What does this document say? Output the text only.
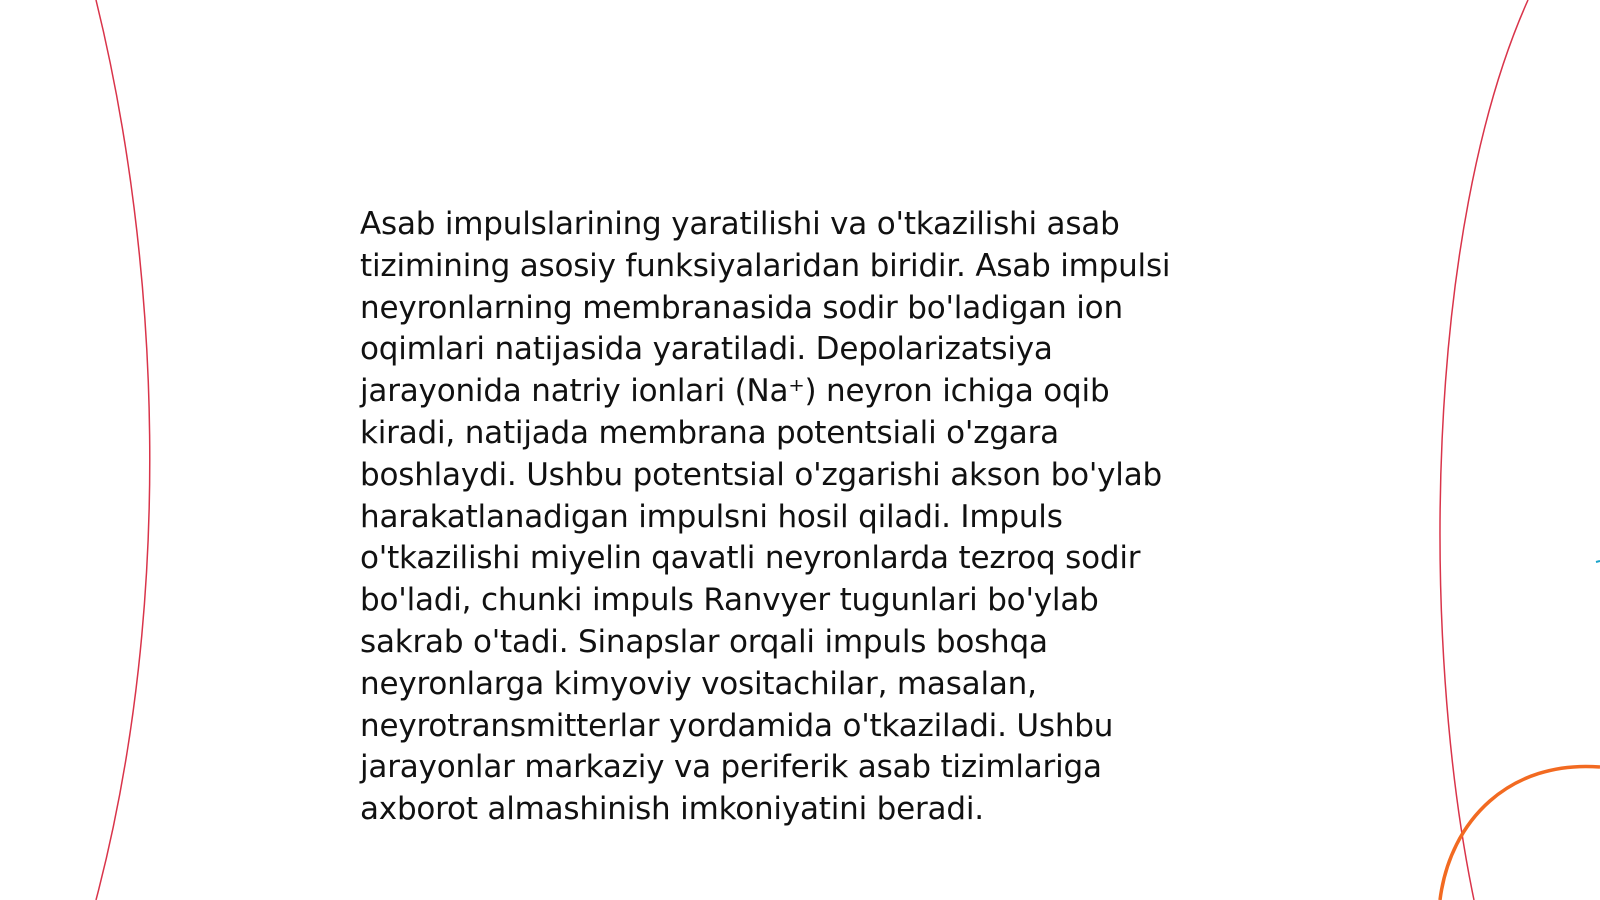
Asab impulslarining yaratilishi va o'tkazilishi asab
tizimining asosiy funksiyalaridan biridir. Asab impulsi
neyronlarning membranasida sodir bo'ladigan ion
oqimlari natijasida yaratiladi. Depolarizatsiya
jarayonida natriy ionlari (Na⁺) neyron ichiga oqib
kiradi, natijada membrana potentsiali o'zgara
boshlaydi. Ushbu potentsial o'zgarishi akson bo'ylab
harakatlanadigan impulsni hosil qiladi. Impuls
o'tkazilishi miyelin qavatli neyronlarda tezroq sodir
bo'ladi, chunki impuls Ranvyer tugunlari bo'ylab
sakrab o'tadi. Sinapslar orqali impuls boshqa
neyronlarga kimyoviy vositachilar, masalan,
neyrotransmitterlar yordamida o'tkaziladi. Ushbu
jarayonlar markaziy va periferik asab tizimlariga
axborot almashinish imkoniyatini beradi.
